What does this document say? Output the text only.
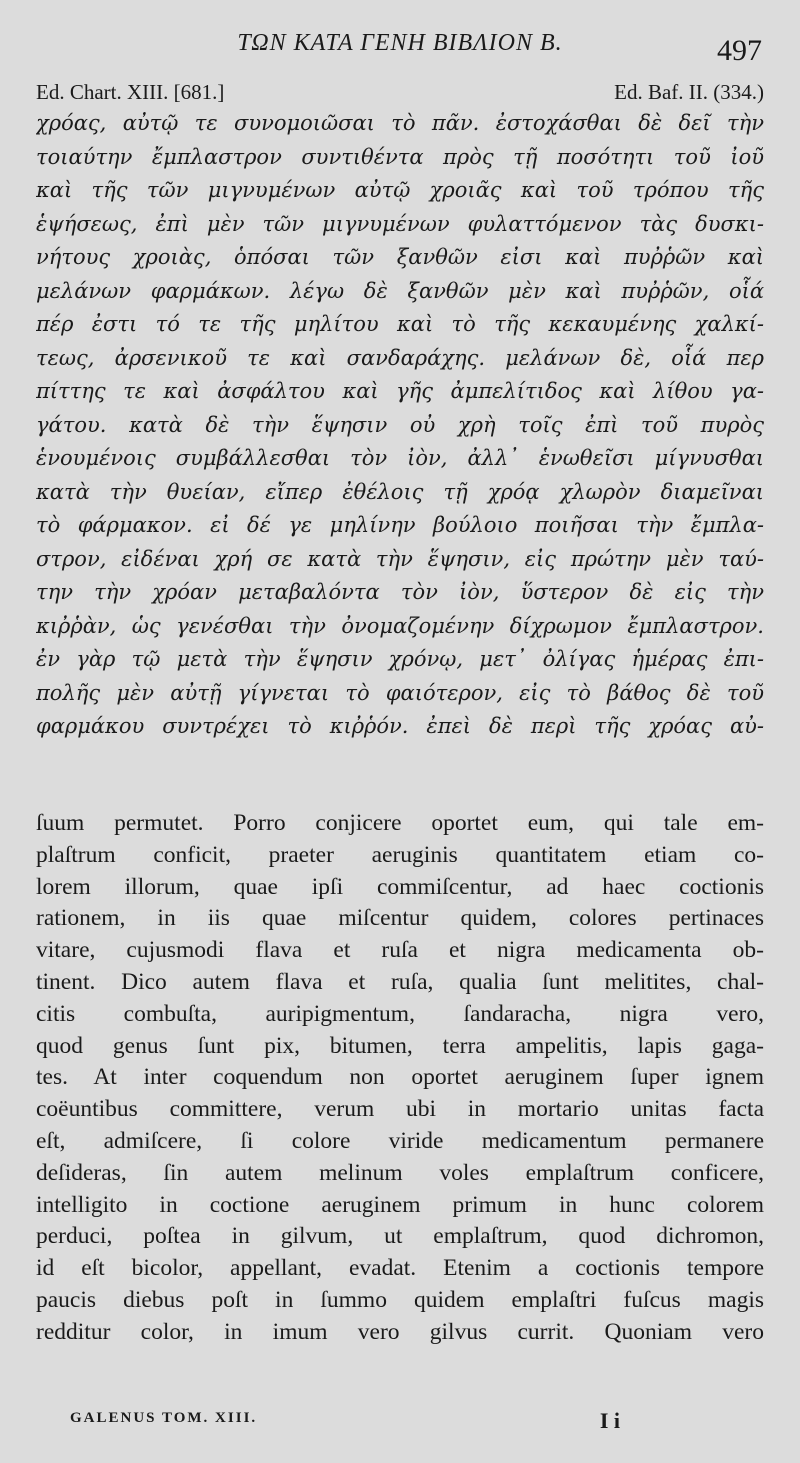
ΤΩΝ ΚΑΤΑ ΓΕΝΗ ΒΙΒΛΙΟΝ Β.	497
Ed. Chart. XIII. [681.]	Ed. Baf. II. (334.)
χρόας, αὐτῷ τε συνομοιῶσαι τὸ πᾶν. ἐστοχάσθαι δὲ δεῖ τὴν
τοιαύτην ἔμπλαστρον συντιθέντα πρὸς τῇ ποσότητι τοῦ ἰοῦ
καὶ τῆς τῶν μιγνυμένων αὐτῷ χροιᾶς καὶ τοῦ τρόπου τῆς
ἑψήσεως, ἐπὶ μὲν τῶν μιγνυμένων φυλαττόμενον τὰς δυσκι-
νήτους χροιὰς, ὁπόσαι τῶν ξανθῶν εἰσι καὶ πυῤῥῶν καὶ
μελάνων φαρμάκων. λέγω δὲ ξανθῶν μὲν καὶ πυῤῥῶν, οἷά
πέρ ἐστι τό τε τῆς μηλίτου καὶ τὸ τῆς κεκαυμένης χαλκί-
τεως, ἀρσενικοῦ τε καὶ σανδαράχης. μελάνων δὲ, οἷά περ
πίττης τε καὶ ἀσφάλτου καὶ γῆς ἀμπελίτιδος καὶ λίθου γα-
γάτου. κατὰ δὲ τὴν ἕψησιν οὐ χρὴ τοῖς ἐπὶ τοῦ πυρὸς
ἑνουμένοις συμβάλλεσθαι τὸν ἰὸν, ἀλλ᾽ ἑνωθεῖσι μίγνυσθαι
κατὰ τὴν θυείαν, εἴπερ ἐθέλοις τῇ χρόᾳ χλωρὸν διαμεῖναι
τὸ φάρμακον. εἰ δέ γε μηλίνην βούλοιο ποιῆσαι τὴν ἔμπλα-
στρον, εἰδέναι χρή σε κατὰ τὴν ἕψησιν, εἰς πρώτην μὲν ταύ-
την τὴν χρόαν μεταβαλόντα τὸν ἰὸν, ὕστερον δὲ εἰς τὴν
κιῤῥὰν, ὡς γενέσθαι τὴν ὀνομαζομένην δίχρωμον ἔμπλαστρον.
ἐν γὰρ τῷ μετὰ τὴν ἕψησιν χρόνῳ, μετ᾽ ὀλίγας ἡμέρας ἐπι-
πολῆς μὲν αὐτῇ γίγνεται τὸ φαιότερον, εἰς τὸ βάθος δὲ τοῦ
φαρμάκου συντρέχει τὸ κιῤῥόν. ἐπεὶ δὲ περὶ τῆς χρόας αὐ-
ſuum permutet. Porro conjicere oportet eum, qui tale em-
plaſtrum conficit, praeter aeruginis quantitatem etiam co-
lorem illorum, quae ipſi commiſcentur, ad haec coctionis
rationem, in iis quae miſcentur quidem, colores pertinaces
vitare, cujusmodi flava et ruſa et nigra medicamenta ob-
tinent. Dico autem flava et ruſa, qualia ſunt melitites, chal-
citis combuſta, auripigmentum, ſandaracha, nigra vero,
quod genus ſunt pix, bitumen, terra ampelitis, lapis gaga-
tes. At inter coquendum non oportet aeruginem ſuper ignem
coëuntibus committere, verum ubi in mortario unitas facta
eſt, admiſcere, ſi colore viride medicamentum permanere
deſideras, ſin autem melinum voles emplaſtrum conficere,
intelligito in coctione aeruginem primum in hunc colorem
perduci, poſtea in gilvum, ut emplaſtrum, quod dichromon,
id eſt bicolor, appellant, evadat. Etenim a coctionis tempore
paucis diebus poſt in ſummo quidem emplaſtri fuſcus magis
redditur color, in imum vero gilvus currit. Quoniam vero
GALENUS TOM. XIII.	I i
